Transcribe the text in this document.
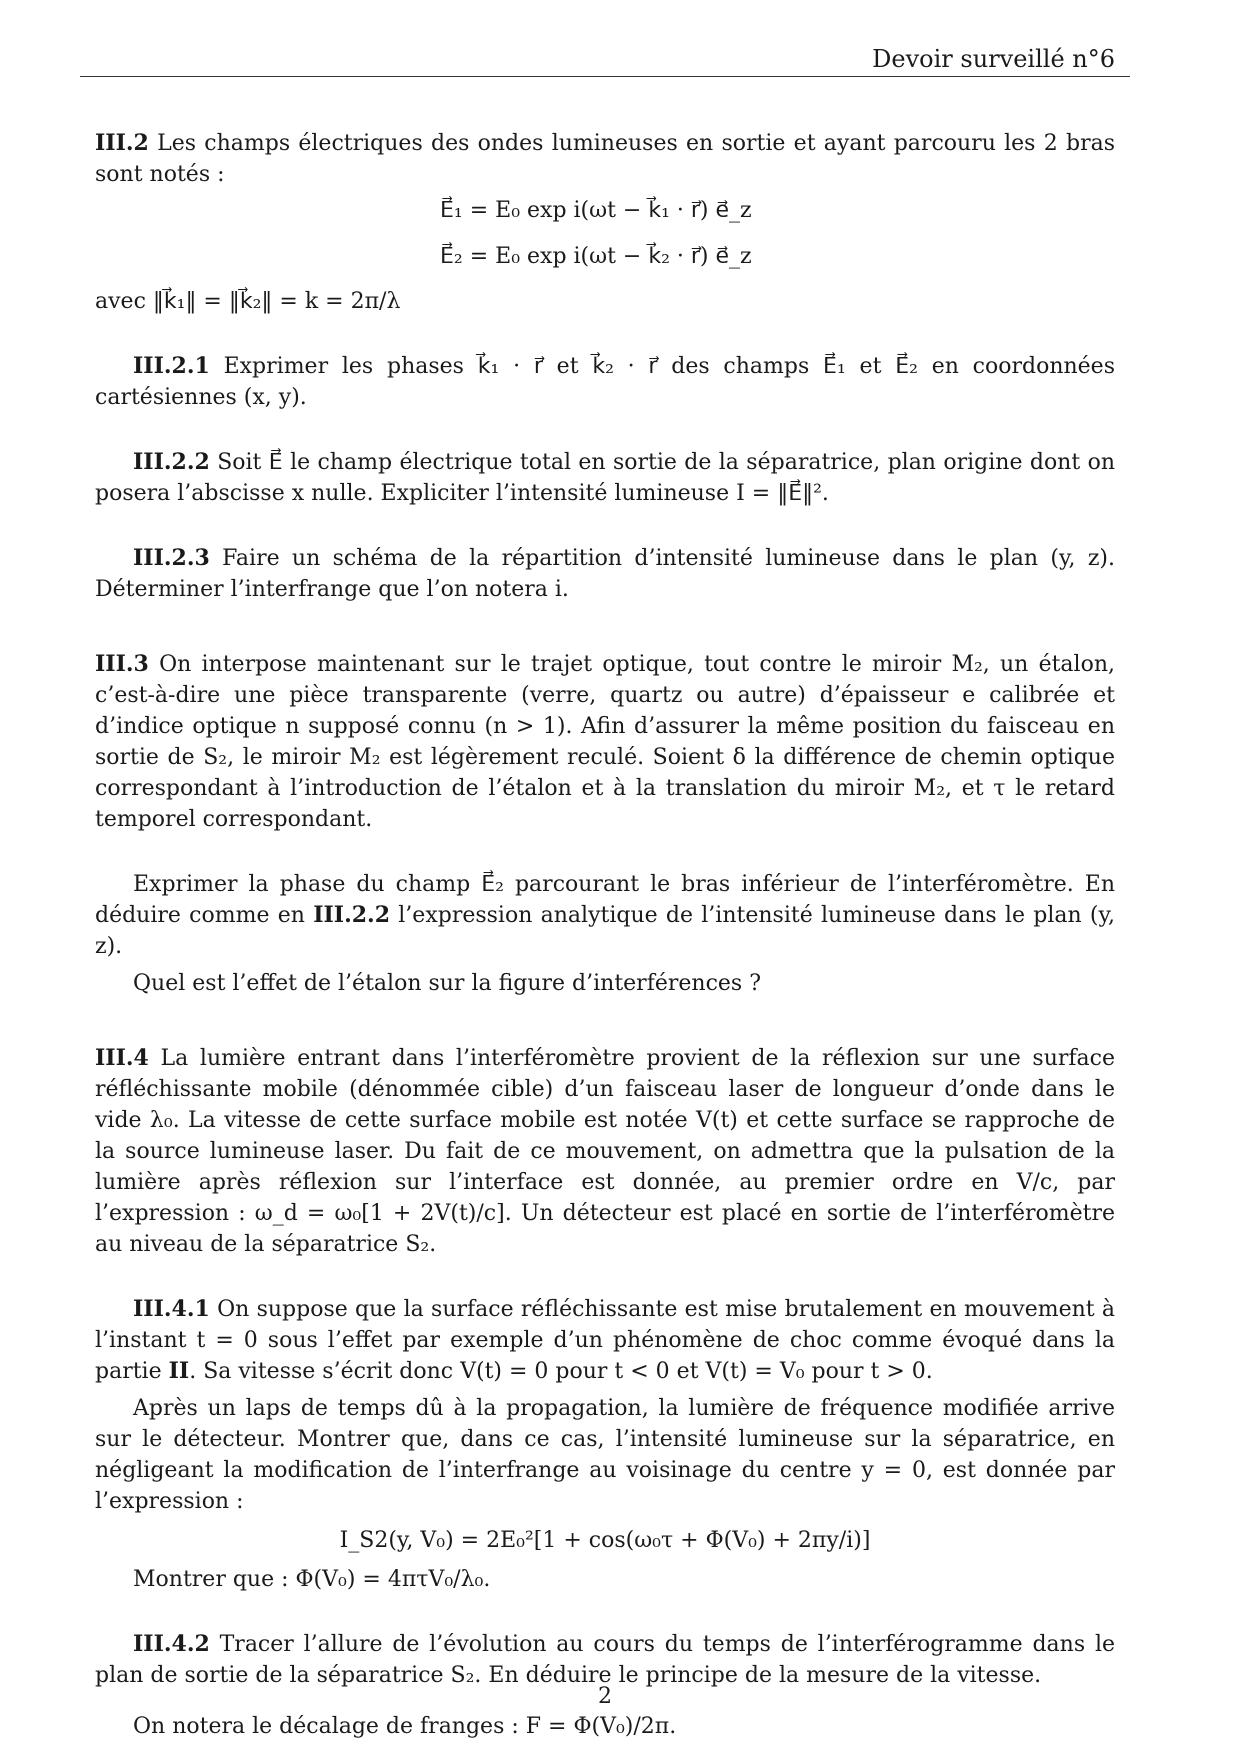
Devoir surveillé n°6

III.2 Les champs électriques des ondes lumineuses en sortie et ayant parcouru les 2 bras sont notés :

E⃗₁ = E₀ exp i(ωt − k⃗₁ · r⃗) e⃗_z
E⃗₂ = E₀ exp i(ωt − k⃗₂ · r⃗) e⃗_z

avec ‖k⃗₁‖ = ‖k⃗₂‖ = k = 2π/λ

III.2.1 Exprimer les phases k⃗₁ · r⃗ et k⃗₂ · r⃗ des champs E⃗₁ et E⃗₂ en coordonnées cartésiennes (x, y).

III.2.2 Soit E⃗ le champ électrique total en sortie de la séparatrice, plan origine dont on posera l’abscisse x nulle. Expliciter l’intensité lumineuse I = ‖E⃗‖².

III.2.3 Faire un schéma de la répartition d’intensité lumineuse dans le plan (y, z). Déterminer l’interfrange que l’on notera i.

III.3 On interpose maintenant sur le trajet optique, tout contre le miroir M₂, un étalon, c’est-à-dire une pièce transparente (verre, quartz ou autre) d’épaisseur e calibrée et d’indice optique n supposé connu (n > 1). Afin d’assurer la même position du faisceau en sortie de S₂, le miroir M₂ est légèrement reculé. Soient δ la différence de chemin optique correspondant à l’introduction de l’étalon et à la translation du miroir M₂, et τ le retard temporel correspondant.

Exprimer la phase du champ E⃗₂ parcourant le bras inférieur de l’interféromètre. En déduire comme en III.2.2 l’expression analytique de l’intensité lumineuse dans le plan (y, z).

Quel est l’effet de l’étalon sur la figure d’interférences ?

III.4 La lumière entrant dans l’interféromètre provient de la réflexion sur une surface réfléchissante mobile (dénommée cible) d’un faisceau laser de longueur d’onde dans le vide λ₀. La vitesse de cette surface mobile est notée V(t) et cette surface se rapproche de la source lumineuse laser. Du fait de ce mouvement, on admettra que la pulsation de la lumière après réflexion sur l’interface est donnée, au premier ordre en V/c, par l’expression : ω_d = ω₀[1 + 2V(t)/c]. Un détecteur est placé en sortie de l’interféromètre au niveau de la séparatrice S₂.

III.4.1 On suppose que la surface réfléchissante est mise brutalement en mouvement à l’instant t = 0 sous l’effet par exemple d’un phénomène de choc comme évoqué dans la partie II. Sa vitesse s’écrit donc V(t) = 0 pour t < 0 et V(t) = V₀ pour t > 0.

Après un laps de temps dû à la propagation, la lumière de fréquence modifiée arrive sur le détecteur. Montrer que, dans ce cas, l’intensité lumineuse sur la séparatrice, en négligeant la modification de l’interfrange au voisinage du centre y = 0, est donnée par l’expression :

I_S2(y, V₀) = 2E₀²[1 + cos(ω₀τ + Φ(V₀) + 2πy/i)]

Montrer que : Φ(V₀) = 4πτV₀/λ₀.

III.4.2 Tracer l’allure de l’évolution au cours du temps de l’interférogramme dans le plan de sortie de la séparatrice S₂. En déduire le principe de la mesure de la vitesse.

On notera le décalage de franges : F = Φ(V₀)/2π.

2
